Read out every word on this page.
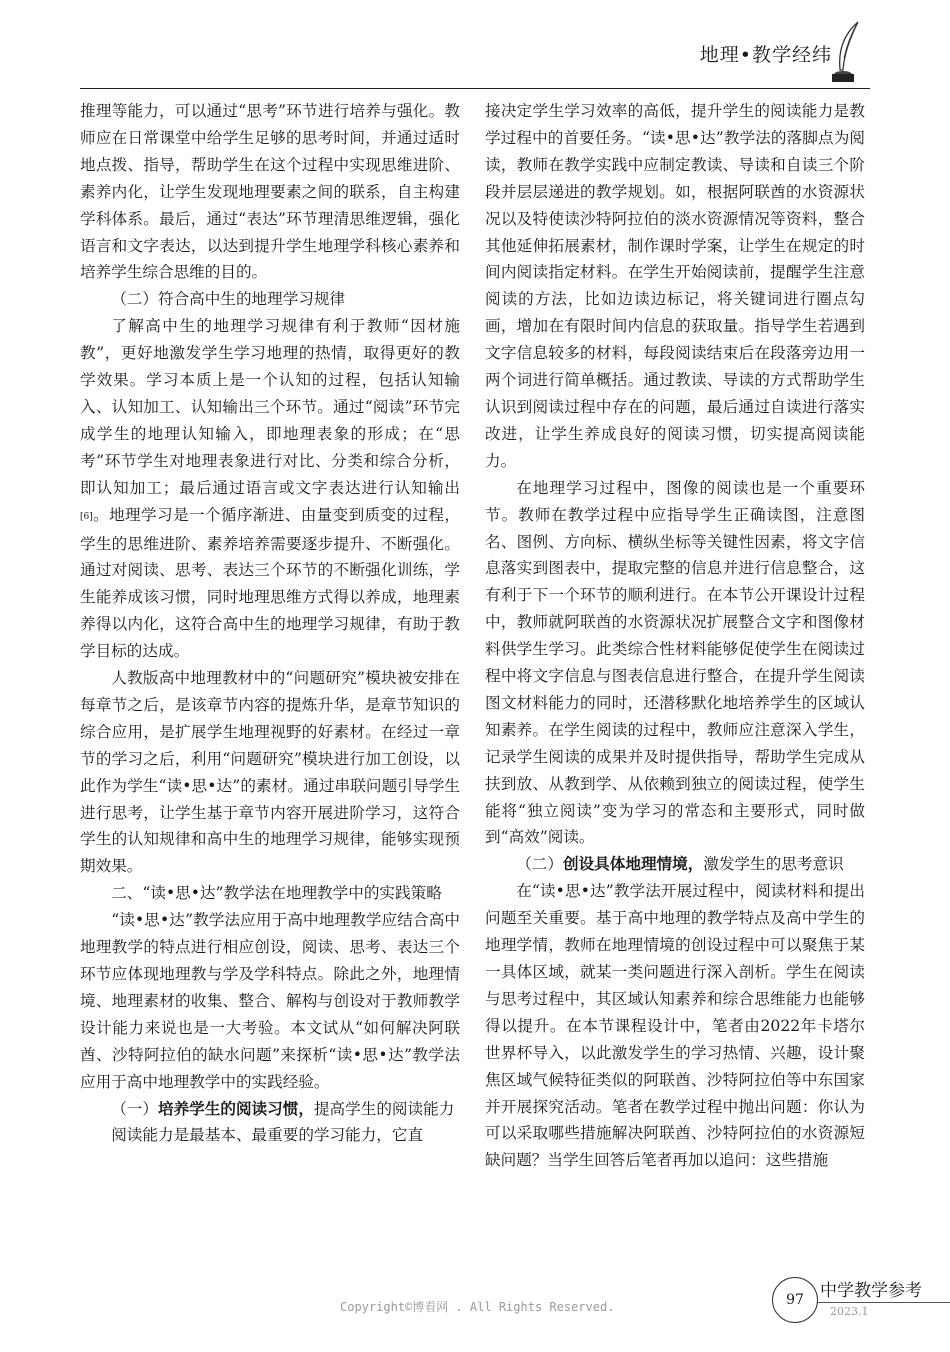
地理•教学经纬

推理等能力，可以通过“思考”环节进行培养与强化。教师应在日常课堂中给学生足够的思考时间，并通过适时地点拨、指导，帮助学生在这个过程中实现思维进阶、素养内化，让学生发现地理要素之间的联系，自主构建学科体系。最后，通过“表达”环节理清思维逻辑，强化语言和文字表达，以达到提升学生地理学科核心素养和培养学生综合思维的目的。

（二）符合高中生的地理学习规律

了解高中生的地理学习规律有利于教师“因材施教”，更好地激发学生学习地理的热情，取得更好的教学效果。学习本质上是一个认知的过程，包括认知输入、认知加工、认知输出三个环节。通过“阅读”环节完成学生的地理认知输入，即地理表象的形成；在“思考”环节学生对地理表象进行对比、分类和综合分析，即认知加工；最后通过语言或文字表达进行认知输出[6]。地理学习是一个循序渐进、由量变到质变的过程，学生的思维进阶、素养培养需要逐步提升、不断强化。通过对阅读、思考、表达三个环节的不断强化训练，学生能养成该习惯，同时地理思维方式得以养成，地理素养得以内化，这符合高中生的地理学习规律，有助于教学目标的达成。

人教版高中地理教材中的“问题研究”模块被安排在每章节之后，是该章节内容的提炼升华，是章节知识的综合应用，是扩展学生地理视野的好素材。在经过一章节的学习之后，利用“问题研究”模块进行加工创设，以此作为学生“读•思•达”的素材。通过串联问题引导学生进行思考，让学生基于章节内容开展进阶学习，这符合学生的认知规律和高中生的地理学习规律，能够实现预期效果。

二、“读•思•达”教学法在地理教学中的实践策略

“读•思•达”教学法应用于高中地理教学应结合高中地理教学的特点进行相应创设，阅读、思考、表达三个环节应体现地理教与学及学科特点。除此之外，地理情境、地理素材的收集、整合、解构与创设对于教师教学设计能力来说也是一大考验。本文试从“如何解决阿联酋、沙特阿拉伯的缺水问题”来探析“读•思•达”教学法应用于高中地理教学中的实践经验。

（一）培养学生的阅读习惯，提高学生的阅读能力

阅读能力是最基本、最重要的学习能力，它直

接决定学生学习效率的高低，提升学生的阅读能力是教学过程中的首要任务。“读•思•达”教学法的落脚点为阅读，教师在教学实践中应制定教读、导读和自读三个阶段并层层递进的教学规划。如，根据阿联酋的水资源状况以及特使读沙特阿拉伯的淡水资源情况等资料，整合其他延伸拓展素材，制作课时学案，让学生在规定的时间内阅读指定材料。在学生开始阅读前，提醒学生注意阅读的方法，比如边读边标记，将关键词进行圈点勾画，增加在有限时间内信息的获取量。指导学生若遇到文字信息较多的材料，每段阅读结束后在段落旁边用一两个词进行简单概括。通过教读、导读的方式帮助学生认识到阅读过程中存在的问题，最后通过自读进行落实改进，让学生养成良好的阅读习惯，切实提高阅读能力。

在地理学习过程中，图像的阅读也是一个重要环节。教师在教学过程中应指导学生正确读图，注意图名、图例、方向标、横纵坐标等关键性因素，将文字信息落实到图表中，提取完整的信息并进行信息整合，这有利于下一个环节的顺利进行。在本节公开课设计过程中，教师就阿联酋的水资源状况扩展整合文字和图像材料供学生学习。此类综合性材料能够促使学生在阅读过程中将文字信息与图表信息进行整合，在提升学生阅读图文材料能力的同时，还潜移默化地培养学生的区域认知素养。在学生阅读的过程中，教师应注意深入学生，记录学生阅读的成果并及时提供指导，帮助学生完成从扶到放、从教到学、从依赖到独立的阅读过程，使学生能将“独立阅读”变为学习的常态和主要形式，同时做到“高效”阅读。

（二）创设具体地理情境，激发学生的思考意识

在“读•思•达”教学法开展过程中，阅读材料和提出问题至关重要。基于高中地理的教学特点及高中学生的地理学情，教师在地理情境的创设过程中可以聚焦于某一具体区域，就某一类问题进行深入剖析。学生在阅读与思考过程中，其区域认知素养和综合思维能力也能够得以提升。在本节课程设计中，笔者由2022年卡塔尔世界杯导入，以此激发学生的学习热情、兴趣，设计聚焦区域气候特征类似的阿联酋、沙特阿拉伯等中东国家并开展探究活动。笔者在教学过程中抛出问题：你认为可以采取哪些措施解决阿联酋、沙特阿拉伯的水资源短缺问题？当学生回答后笔者再加以追问：这些措施

Copyright©博看网 . All Rights Reserved.	97 中学教学参考
2023.1
